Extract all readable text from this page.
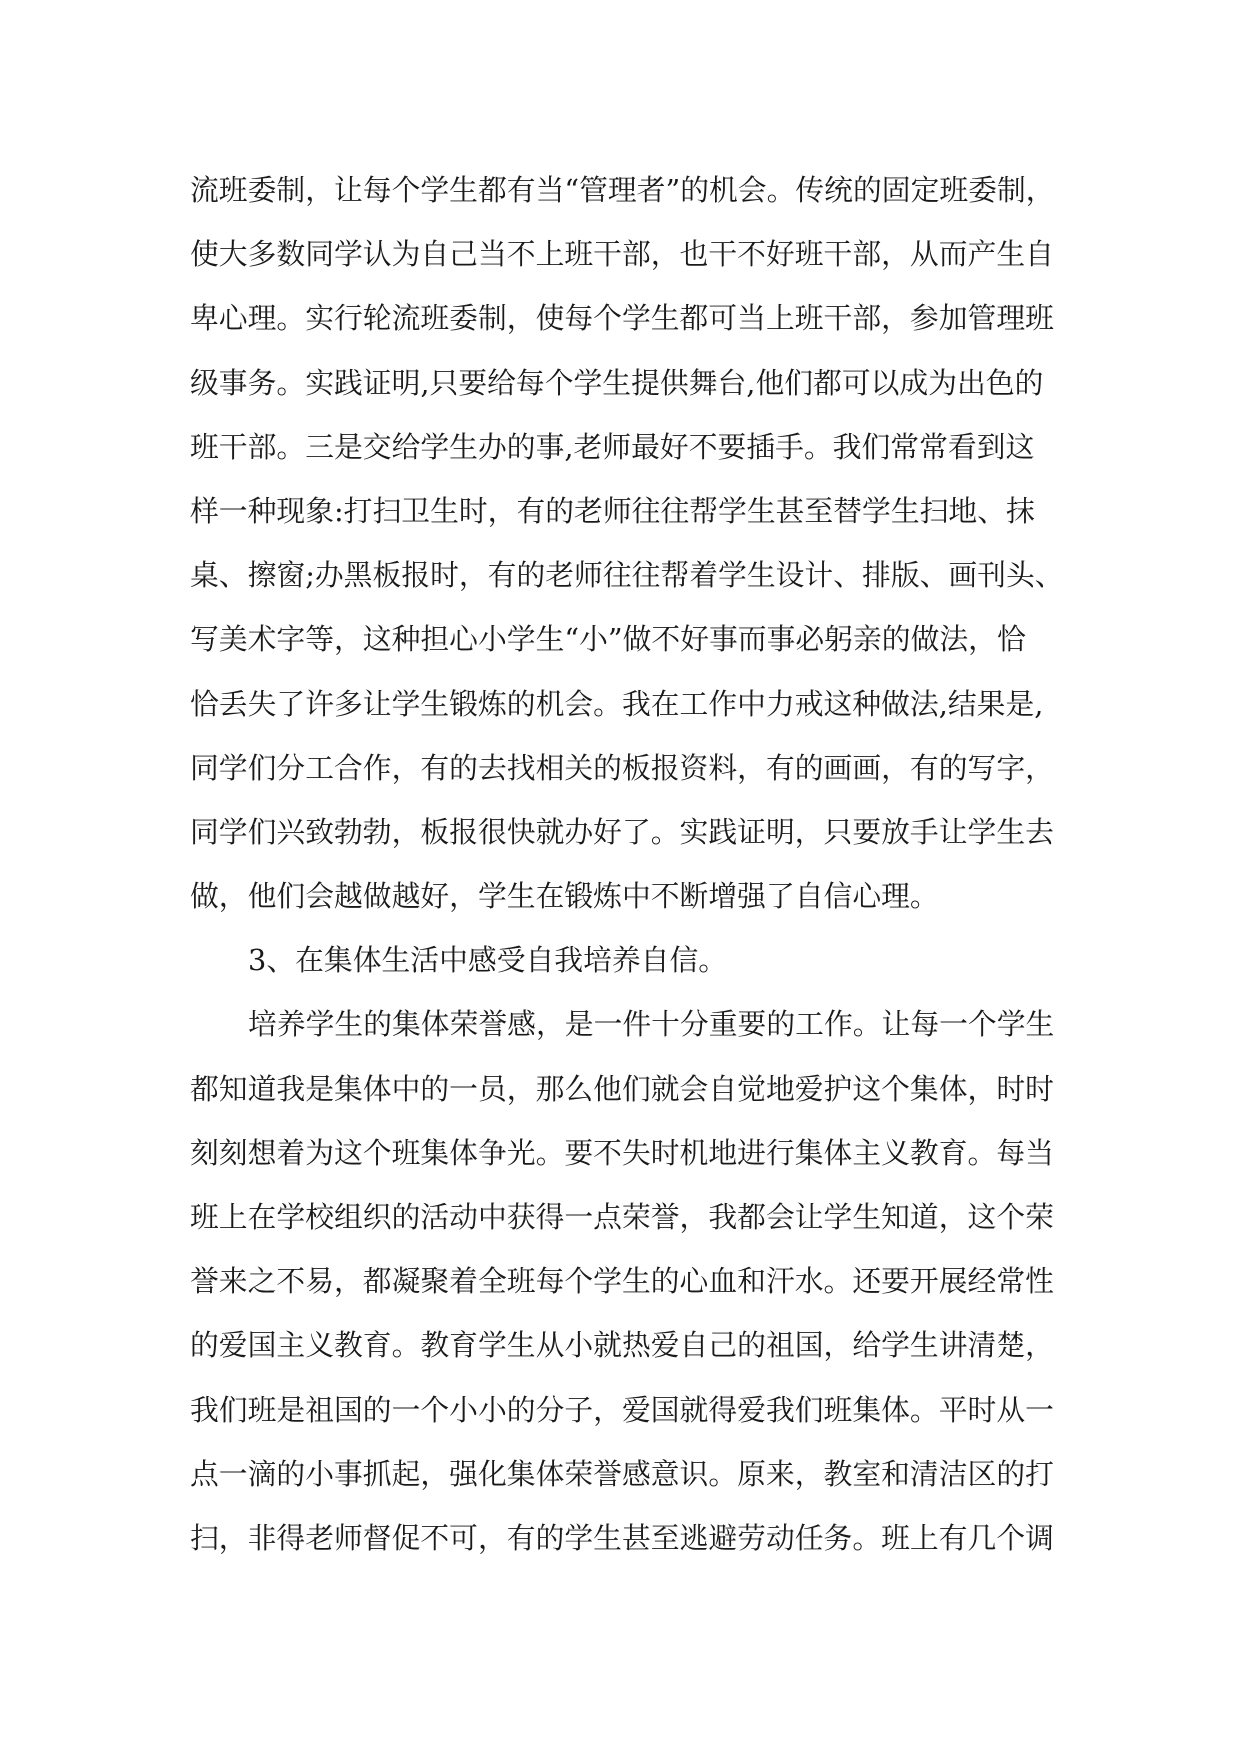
流班委制，让每个学生都有当“管理者”的机会。传统的固定班委制，
使大多数同学认为自己当不上班干部，也干不好班干部，从而产生自
卑心理。实行轮流班委制，使每个学生都可当上班干部，参加管理班
级事务。实践证明,只要给每个学生提供舞台,他们都可以成为出色的
班干部。三是交给学生办的事,老师最好不要插手。我们常常看到这
样一种现象:打扫卫生时，有的老师往往帮学生甚至替学生扫地、抹
桌、擦窗;办黑板报时，有的老师往往帮着学生设计、排版、画刊头、
写美术字等，这种担心小学生“小”做不好事而事必躬亲的做法，恰
恰丢失了许多让学生锻炼的机会。我在工作中力戒这种做法,结果是,
同学们分工合作，有的去找相关的板报资料，有的画画，有的写字，
同学们兴致勃勃，板报很快就办好了。实践证明，只要放手让学生去
做，他们会越做越好，学生在锻炼中不断增强了自信心理。
3、在集体生活中感受自我培养自信。
培养学生的集体荣誉感，是一件十分重要的工作。让每一个学生
都知道我是集体中的一员，那么他们就会自觉地爱护这个集体，时时
刻刻想着为这个班集体争光。要不失时机地进行集体主义教育。每当
班上在学校组织的活动中获得一点荣誉，我都会让学生知道，这个荣
誉来之不易，都凝聚着全班每个学生的心血和汗水。还要开展经常性
的爱国主义教育。教育学生从小就热爱自己的祖国，给学生讲清楚，
我们班是祖国的一个小小的分子，爱国就得爱我们班集体。平时从一
点一滴的小事抓起，强化集体荣誉感意识。原来，教室和清洁区的打
扫，非得老师督促不可，有的学生甚至逃避劳动任务。班上有几个调
